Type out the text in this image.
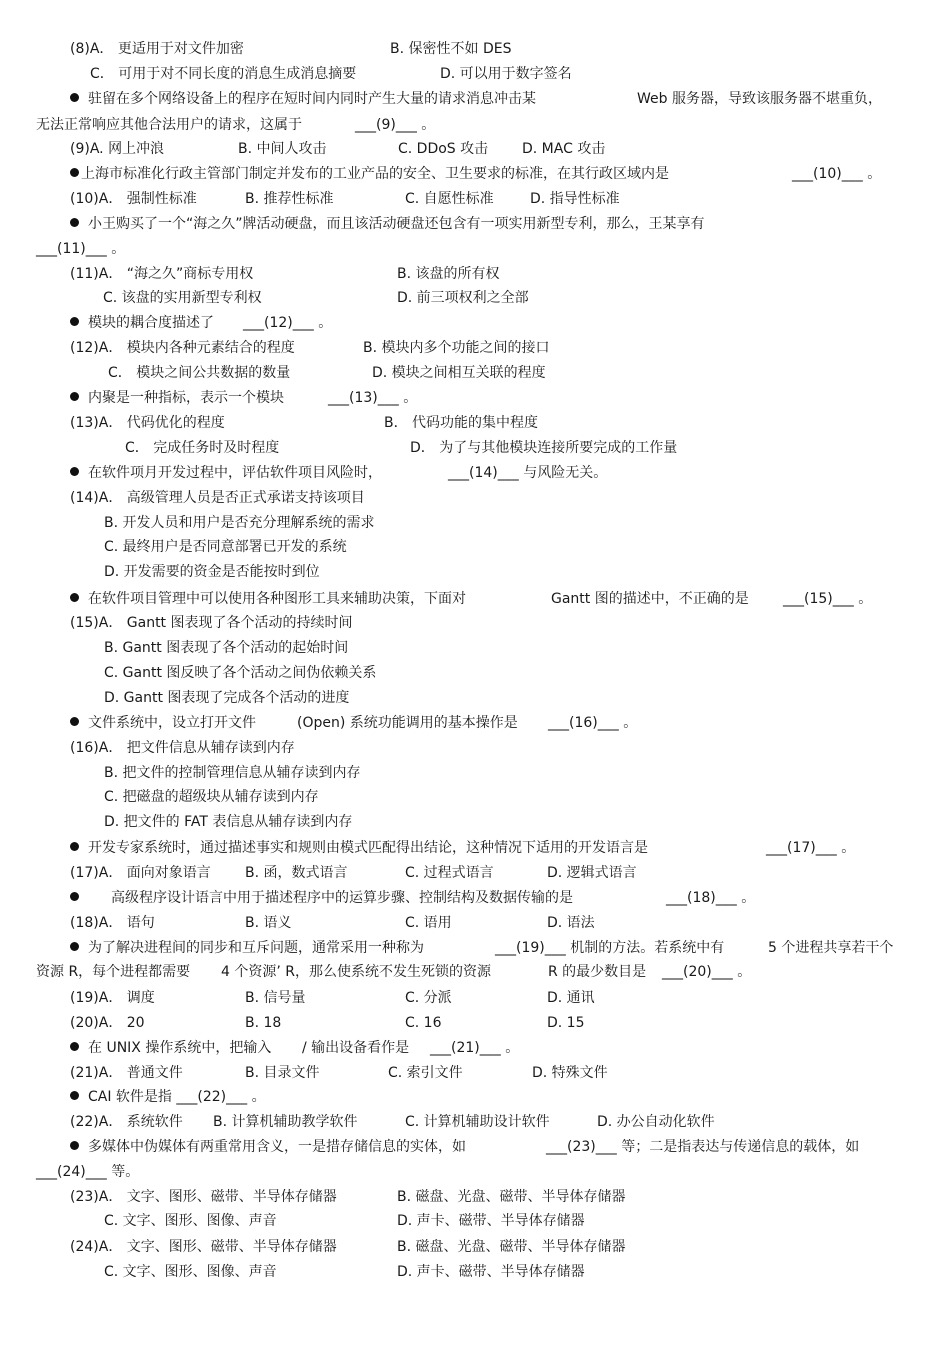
(8)A． 更适用于对文件加密	B. 保密性不如 DES
C． 可用于对不同长度的消息生成消息摘要	D. 可以用于数字签名
驻留在多个网络设备上的程序在短时间内同时产生大量的请求消息冲击某	Web 服务器，导致该服务器不堪重负，
无法正常响应其他合法用户的请求，这属于	___(9)___ 。
(9)A. 网上冲浪	B. 中间人攻击	C. DDoS 攻击 D. MAC 攻击
上海市标准化行政主管部门制定并发布的工业产品的安全、卫生要求的标准，在其行政区域内是	___(10)___ 。
(10)A． 强制性标准	B. 推荐性标准	C. 自愿性标准	D. 指导性标准
小王购买了一个“海之久”牌活动硬盘，而且该活动硬盘还包含有一项实用新型专利，那么，王某享有
___(11)___ 。
(11)A． “海之久”商标专用权	B. 该盘的所有权
C. 该盘的实用新型专利权	D. 前三项权利之全部
模块的耦合度描述了 ___(12)___ 。
(12)A． 模块内各种元素结合的程度	B. 模块内多个功能之间的接口
C． 模块之间公共数据的数量	D. 模块之间相互关联的程度
内聚是一种指标，表示一个模块	___(13)___ 。
(13)A． 代码优化的程度	B． 代码功能的集中程度
C． 完成任务时及时程度	D． 为了与其他模块连接所要完成的工作量
在软件项月开发过程中，评估软件项目风险时，	___(14)___ 与风险无关。
(14)A． 高级管理人员是否正式承诺支持该项目
B. 开发人员和用户是否充分理解系统的需求
C. 最终用户是否同意部署已开发的系统
D. 开发需要的资金是否能按时到位
在软件项目管理中可以使用各种图形工具来辅助决策，下面对	Gantt 图的描述中，不正确的是 ___(15)___ 。
(15)A． Gantt 图表现了各个活动的持续时间
B. Gantt 图表现了各个活动的起始时间
C. Gantt 图反映了各个活动之间伪依赖关系
D. Gantt 图表现了完成各个活动的进度
文件系统中，设立打开文件	(Open) 系统功能调用的基本操作是 ___(16)___ 。
(16)A． 把文件信息从辅存读到内存
B. 把文件的控制管理信息从辅存读到内存
C. 把磁盘的超级块从辅存读到内存
D. 把文件的 FAT 表信息从辅存读到内存
开发专家系统时，通过描述事实和规则由模式匹配得出结论，这种情况下适用的开发语言是	___(17)___ 。
(17)A． 面向对象语言 B. 函，数式语言	C. 过程式语言	D. 逻辑式语言
高级程序设计语言中用于描述程序中的运算步骤、控制结构及数据传输的是	___(18)___ 。
(18)A． 语句	B. 语义	C. 语用	D. 语法
为了解决进程间的同步和互斥问题，通常采用一种称为	___(19)___ 机制的方法。若系统中有	5 个进程共享若干个
资源 R，每个进程都需要 4 个资源’ R，那么使系统不发生死锁的资源	R 的最少数目是 ___(20)___ 。
(19)A． 调度	B. 信号量	C. 分派	D. 通讯
(20)A． 20	B. 18	C. 16	D. 15
在 UNIX 操作系统中，把输入 / 输出设备看作是 ___(21)___ 。
(21)A． 普通文件	B. 目录文件	C. 索引文件	D. 特殊文件
CAI 软件是指 ___(22)___ 。
(22)A． 系统软件 B. 计算机辅助教学软件	C. 计算机辅助设计软件	D. 办公自动化软件
多媒体中伪媒体有两重常用含义，一是措存储信息的实体，如	___(23)___ 等；二是指表达与传递信息的载体，如
___(24)___ 等。
(23)A． 文字、图形、磁带、半导体存储器	B. 磁盘、光盘、磁带、半导体存储器
C. 文字、图形、图像、声音	D. 声卡、磁带、半导体存储器
(24)A． 文字、图形、磁带、半导体存储器	B. 磁盘、光盘、磁带、半导体存储器
C. 文字、图形、图像、声音	D. 声卡、磁带、半导体存储器
